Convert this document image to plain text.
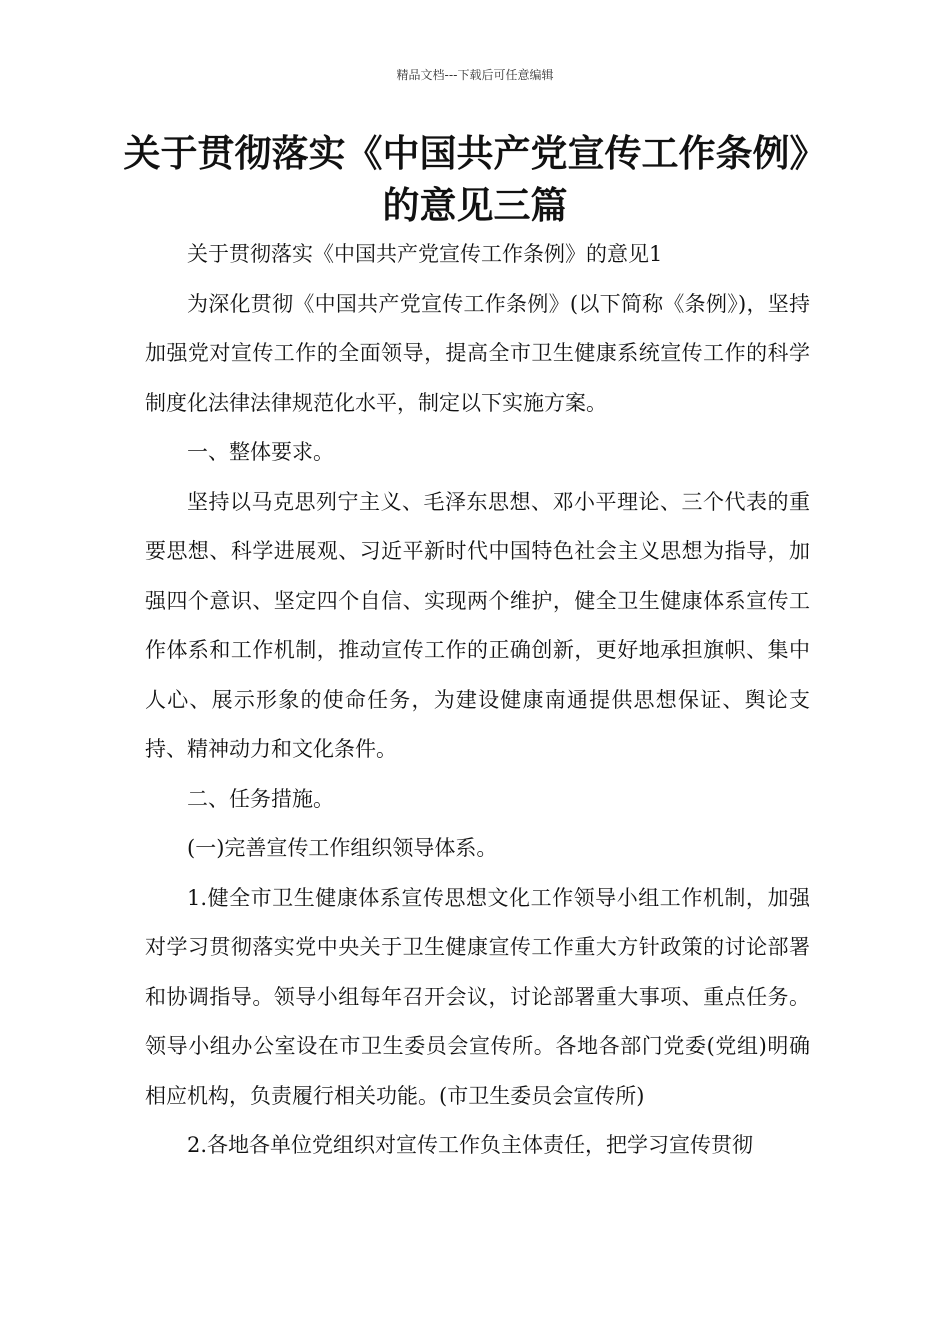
精品文档---下载后可任意编辑
关于贯彻落实《中国共产党宣传工作条例》的意见三篇

关于贯彻落实《中国共产党宣传工作条例》的意见1

为深化贯彻《中国共产党宣传工作条例》(以下简称《条例》)，坚持加强党对宣传工作的全面领导，提高全市卫生健康系统宣传工作的科学制度化法律法律规范化水平，制定以下实施方案。

一、整体要求。

坚持以马克思列宁主义、毛泽东思想、邓小平理论、三个代表的重要思想、科学进展观、习近平新时代中国特色社会主义思想为指导，加强四个意识、坚定四个自信、实现两个维护，健全卫生健康体系宣传工作体系和工作机制，推动宣传工作的正确创新，更好地承担旗帜、集中人心、展示形象的使命任务，为建设健康南通提供思想保证、舆论支持、精神动力和文化条件。

二、任务措施。

(一)完善宣传工作组织领导体系。

1.健全市卫生健康体系宣传思想文化工作领导小组工作机制，加强对学习贯彻落实党中央关于卫生健康宣传工作重大方针政策的讨论部署和协调指导。领导小组每年召开会议，讨论部署重大事项、重点任务。领导小组办公室设在市卫生委员会宣传所。各地各部门党委(党组)明确相应机构，负责履行相关功能。(市卫生委员会宣传所)

2.各地各单位党组织对宣传工作负主体责任，把学习宣传贯彻
